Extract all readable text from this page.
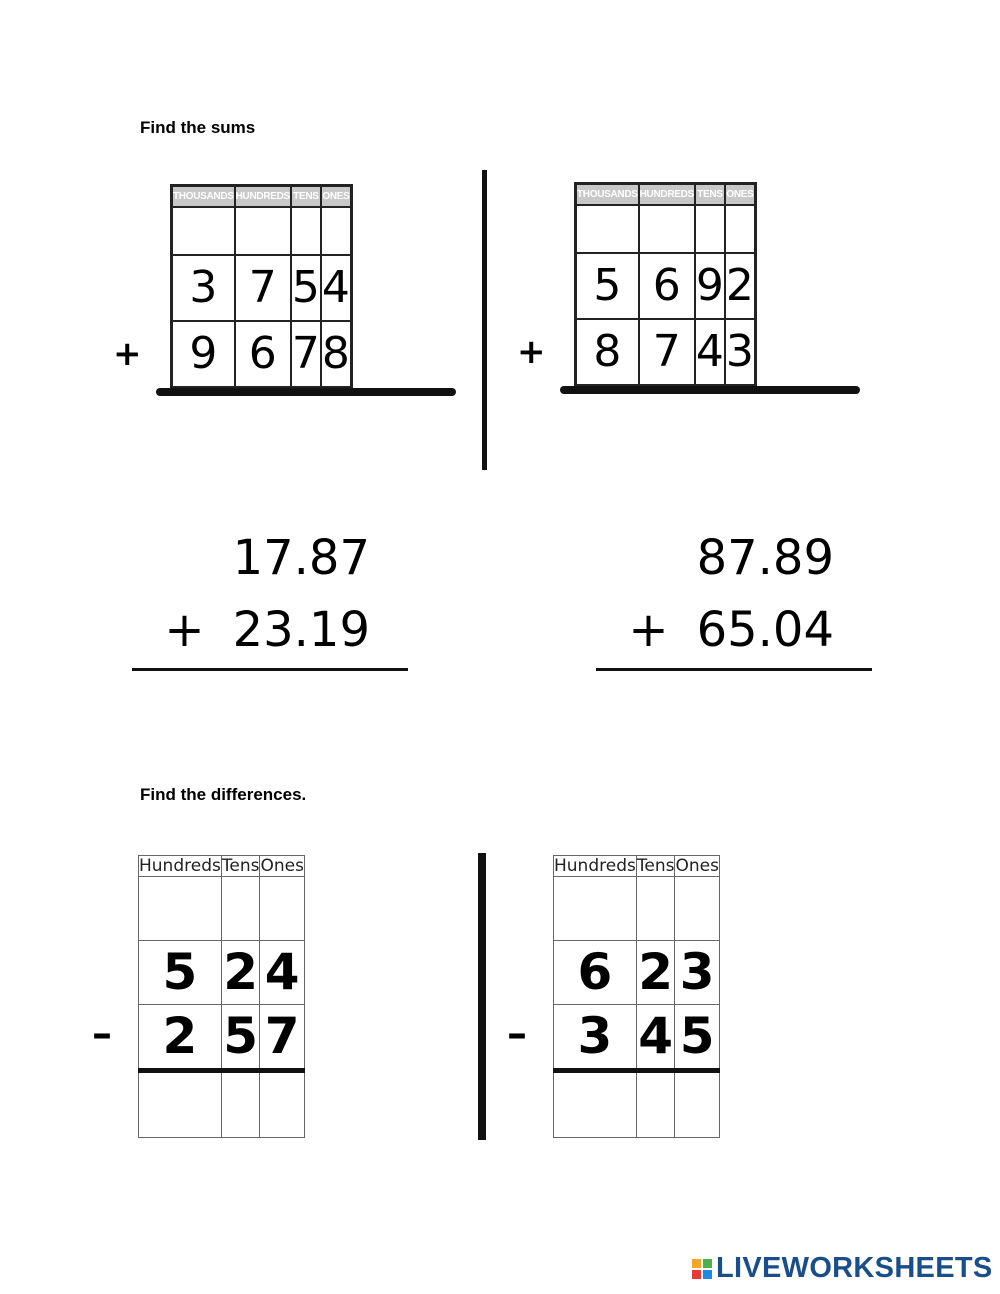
Find the sums
THOUSANDS	HUNDREDS	TENS	ONES

3	7	5	4
9	6	7	8
+
THOUSANDS	HUNDREDS	TENS	ONES

5	6	9	2
8	7	4	3
+
17.87
+ 23.19
87.89
+ 65.04
Find the differences.
Hundreds	Tens	Ones

5	2	4
2	5	7

–
Hundreds	Tens	Ones

6	2	3
3	4	5

–
LIVEWORKSHEETS
